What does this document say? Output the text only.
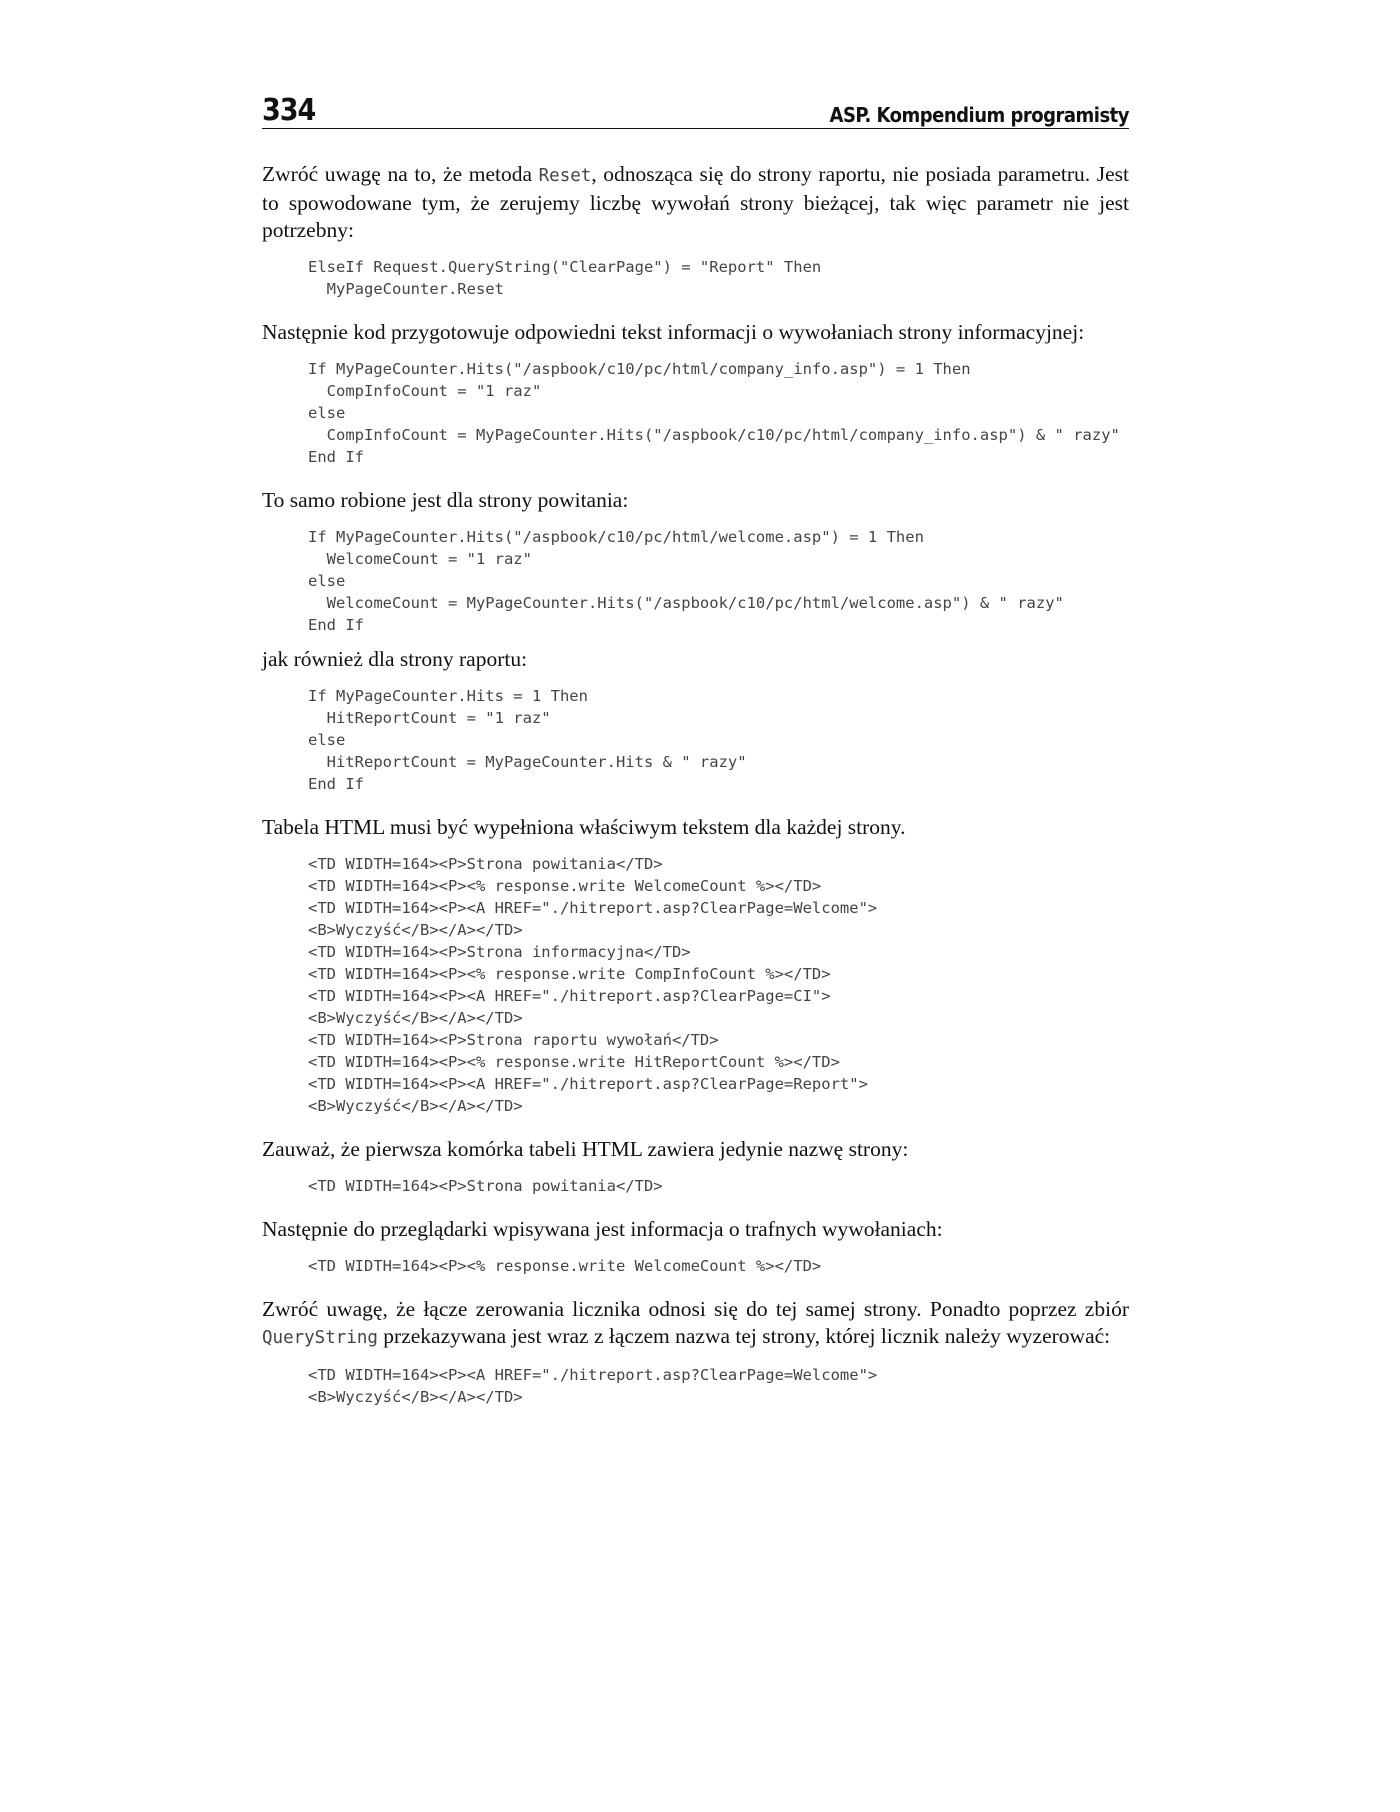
334	ASP. Kompendium programisty

Zwróć uwagę na to, że metoda Reset, odnosząca się do strony raportu, nie posiada parametru. Jest to spowodowane tym, że zerujemy liczbę wywołań strony bieżącej, tak więc parametr nie jest potrzebny:

ElseIf Request.QueryString("ClearPage") = "Report" Then
MyPageCounter.Reset

Następnie kod przygotowuje odpowiedni tekst informacji o wywołaniach strony informacyjnej:

If MyPageCounter.Hits("/aspbook/c10/pc/html/company_info.asp") = 1 Then
CompInfoCount = "1 raz"
else
CompInfoCount = MyPageCounter.Hits("/aspbook/c10/pc/html/company_info.asp") & " razy"
End If

To samo robione jest dla strony powitania:

If MyPageCounter.Hits("/aspbook/c10/pc/html/welcome.asp") = 1 Then
WelcomeCount = "1 raz"
else
WelcomeCount = MyPageCounter.Hits("/aspbook/c10/pc/html/welcome.asp") & " razy"
End If

jak również dla strony raportu:

If MyPageCounter.Hits = 1 Then
HitReportCount = "1 raz"
else
HitReportCount = MyPageCounter.Hits & " razy"
End If

Tabela HTML musi być wypełniona właściwym tekstem dla każdej strony.

<TD WIDTH=164><P>Strona powitania</TD>
<TD WIDTH=164><P><% response.write WelcomeCount %></TD>
<TD WIDTH=164><P><A HREF="./hitreport.asp?ClearPage=Welcome">
<B>Wyczyść</B></A></TD>
<TD WIDTH=164><P>Strona informacyjna</TD>
<TD WIDTH=164><P><% response.write CompInfoCount %></TD>
<TD WIDTH=164><P><A HREF="./hitreport.asp?ClearPage=CI">
<B>Wyczyść</B></A></TD>
<TD WIDTH=164><P>Strona raportu wywołań</TD>
<TD WIDTH=164><P><% response.write HitReportCount %></TD>
<TD WIDTH=164><P><A HREF="./hitreport.asp?ClearPage=Report">
<B>Wyczyść</B></A></TD>

Zauważ, że pierwsza komórka tabeli HTML zawiera jedynie nazwę strony:

<TD WIDTH=164><P>Strona powitania</TD>

Następnie do przeglądarki wpisywana jest informacja o trafnych wywołaniach:

<TD WIDTH=164><P><% response.write WelcomeCount %></TD>

Zwróć uwagę, że łącze zerowania licznika odnosi się do tej samej strony. Ponadto poprzez zbiór QueryString przekazywana jest wraz z łączem nazwa tej strony, której licznik należy wyzerować:

<TD WIDTH=164><P><A HREF="./hitreport.asp?ClearPage=Welcome">
<B>Wyczyść</B></A></TD>
